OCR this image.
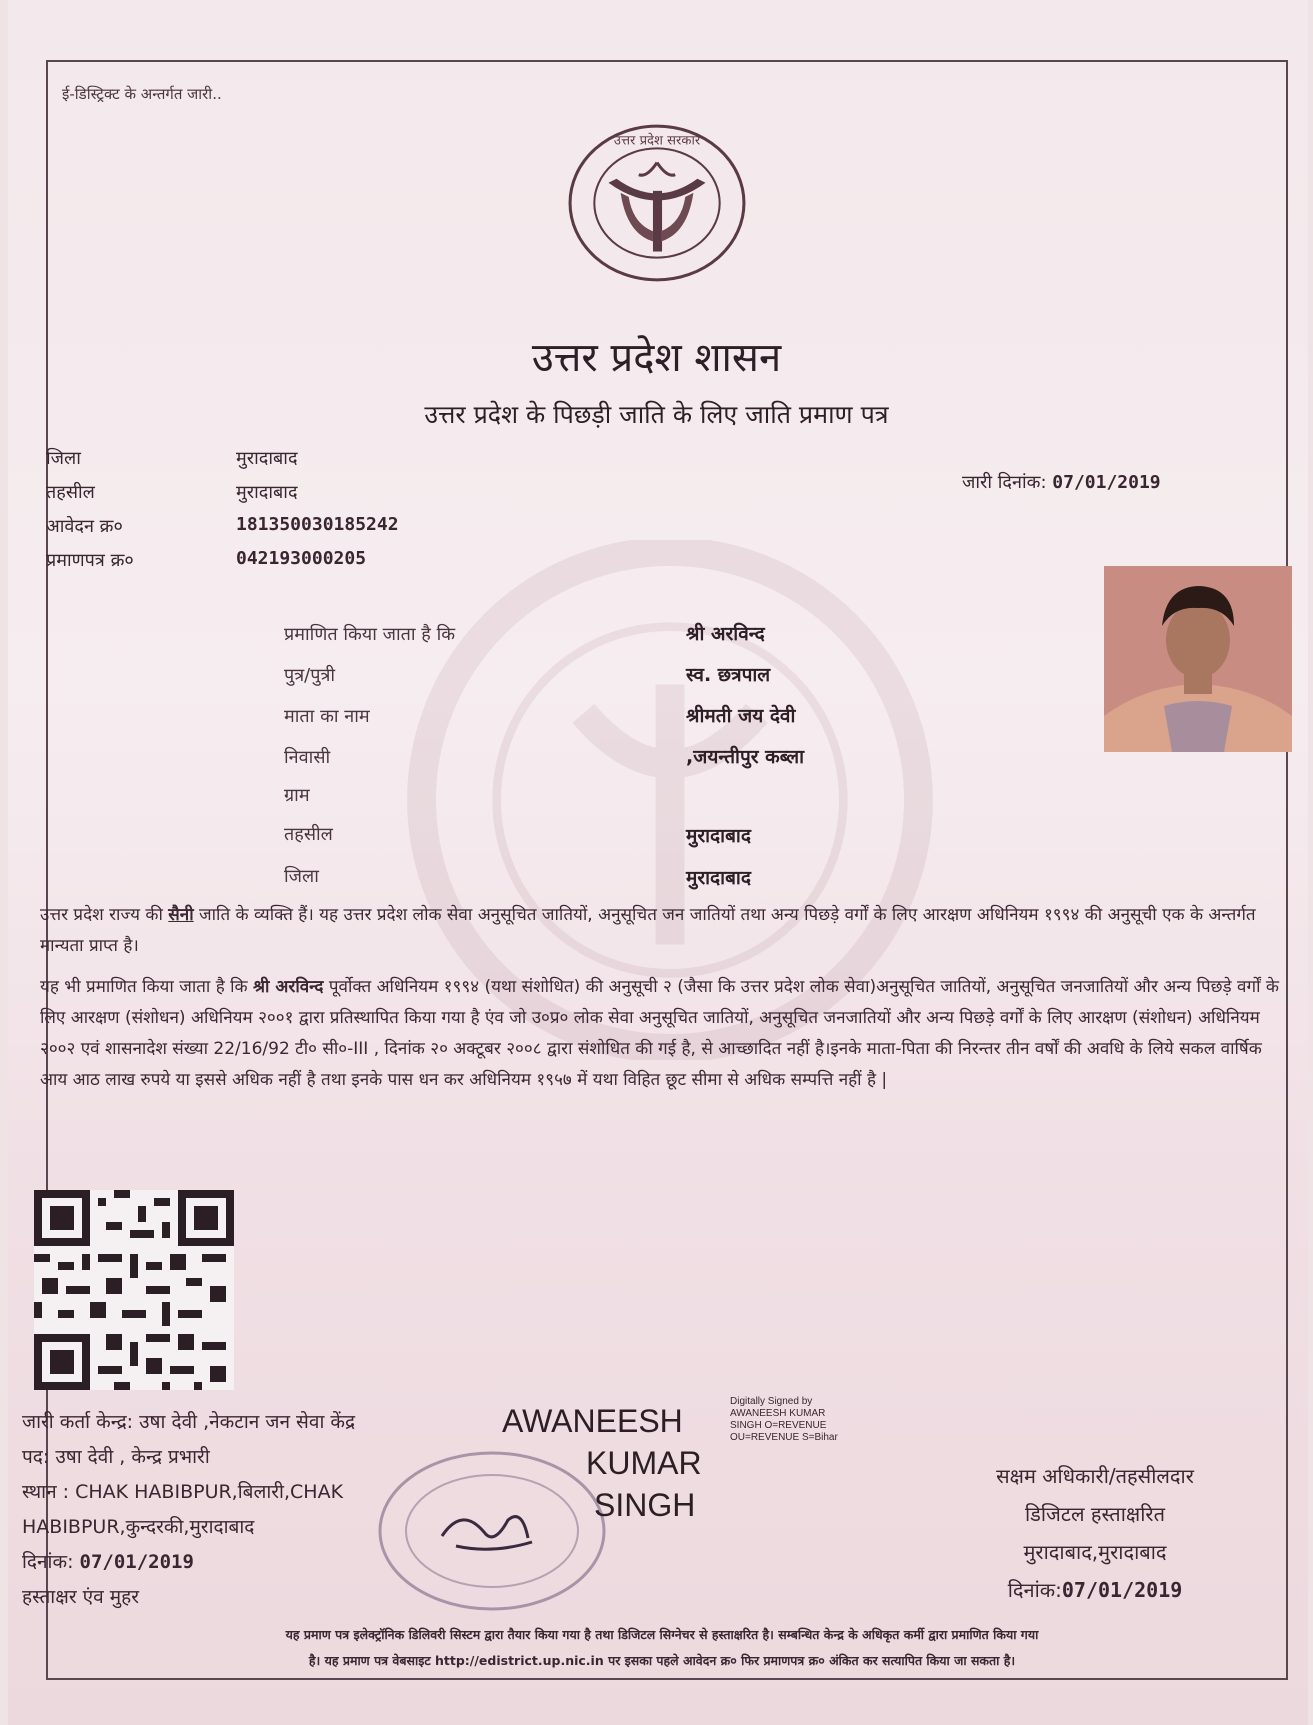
ई-डिस्ट्रिक्ट के अन्तर्गत जारी..
उत्तर प्रदेश सरकार
उत्तर प्रदेश शासन
उत्तर प्रदेश के पिछड़ी जाति के लिए जाति प्रमाण पत्र
जिला	मुरादाबाद
तहसील	मुरादाबाद
आवेदन क्र०	181350030185242
प्रमाणपत्र क्र०	042193000205
जारी दिनांक: 07/01/2019
प्रमाणित किया जाता है कि	श्री अरविन्द
पुत्र/पुत्री	स्व. छत्रपाल
माता का नाम	श्रीमती जय देवी
निवासी	,जयन्तीपुर कब्ला
ग्राम
तहसील	मुरादाबाद
जिला	मुरादाबाद
उत्तर प्रदेश राज्य की सैनी जाति के व्यक्ति हैं। यह उत्तर प्रदेश लोक सेवा अनुसूचित जातियों, अनुसूचित जन जातियों तथा अन्य पिछड़े वर्गों के लिए आरक्षण अधिनियम १९९४ की अनुसूची एक के अन्तर्गत मान्यता प्राप्त है।
यह भी प्रमाणित किया जाता है कि श्री अरविन्द पूर्वोक्त अधिनियम १९९४ (यथा संशोधित) की अनुसूची २ (जैसा कि उत्तर प्रदेश लोक सेवा)अनुसूचित जातियों, अनुसूचित जनजातियों और अन्य पिछड़े वर्गों के लिए आरक्षण (संशोधन) अधिनियम २००१ द्वारा प्रतिस्थापित किया गया है एंव जो उ०प्र० लोक सेवा अनुसूचित जातियों, अनुसूचित जनजातियों और अन्य पिछड़े वर्गों के लिए आरक्षण (संशोधन) अधिनियम २००२ एवं शासनादेश संख्या 22/16/92 टी० सी०-III , दिनांक २० अक्टूबर २००८ द्वारा संशोधित की गई है, से आच्छादित नहीं है।इनके माता-पिता की निरन्तर तीन वर्षों की अवधि के लिये सकल वार्षिक आय आठ लाख रुपये या इससे अधिक नहीं है तथा इनके पास धन कर अधिनियम १९५७ में यथा विहित छूट सीमा से अधिक सम्पत्ति नहीं है |
जारी कर्ता केन्द्र: उषा देवी ,नेकटान जन सेवा केंद्र
पद: उषा देवी , केन्द्र प्रभारी
स्थान : CHAK HABIBPUR,बिलारी,CHAK
HABIBPUR,कुन्दरकी,मुरादाबाद
दिनांक: 07/01/2019
हस्ताक्षर एंव मुहर
AWANEESH
KUMAR
SINGH
Digitally Signed by
AWANEESH KUMAR
SINGH O=REVENUE
OU=REVENUE S=Bihar
सक्षम अधिकारी/तहसीलदार
डिजिटल हस्ताक्षरित
मुरादाबाद,मुरादाबाद
दिनांक:07/01/2019
यह प्रमाण पत्र इलेक्ट्रॉनिक डिलिवरी सिस्टम द्वारा तैयार किया गया है तथा डिजिटल सिग्नेचर से हस्ताक्षरित है। सम्बन्धित केन्द्र के अधिकृत कर्मी द्वारा प्रमाणित किया गया
है। यह प्रमाण पत्र वेबसाइट http://edistrict.up.nic.in पर इसका पहले आवेदन क्र० फिर प्रमाणपत्र क्र० अंकित कर सत्यापित किया जा सकता है।
